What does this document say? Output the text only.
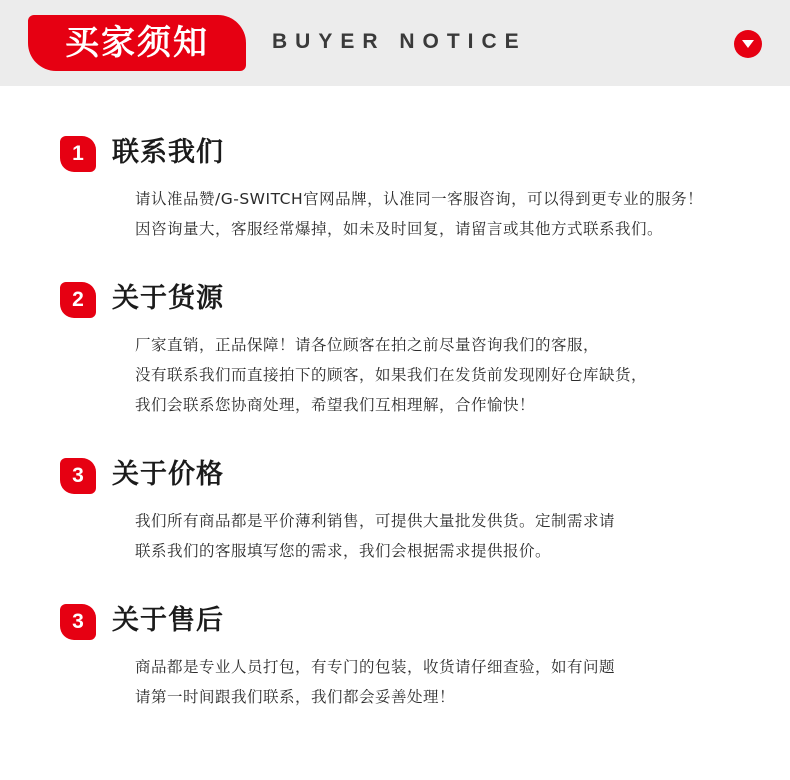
买家须知	BUYER NOTICE
1	联系我们

请认准品赞/G-SWITCH官网品牌，认准同一客服咨询，可以得到更专业的服务！

因咨询量大，客服经常爆掉，如未及时回复，请留言或其他方式联系我们。

2	关于货源

厂家直销，正品保障！请各位顾客在拍之前尽量咨询我们的客服，

没有联系我们而直接拍下的顾客，如果我们在发货前发现刚好仓库缺货，

我们会联系您协商处理，希望我们互相理解，合作愉快！

3	关于价格

我们所有商品都是平价薄利销售，可提供大量批发供货。定制需求请

联系我们的客服填写您的需求，我们会根据需求提供报价。

3	关于售后

商品都是专业人员打包，有专门的包装，收货请仔细查验，如有问题

请第一时间跟我们联系，我们都会妥善处理！
